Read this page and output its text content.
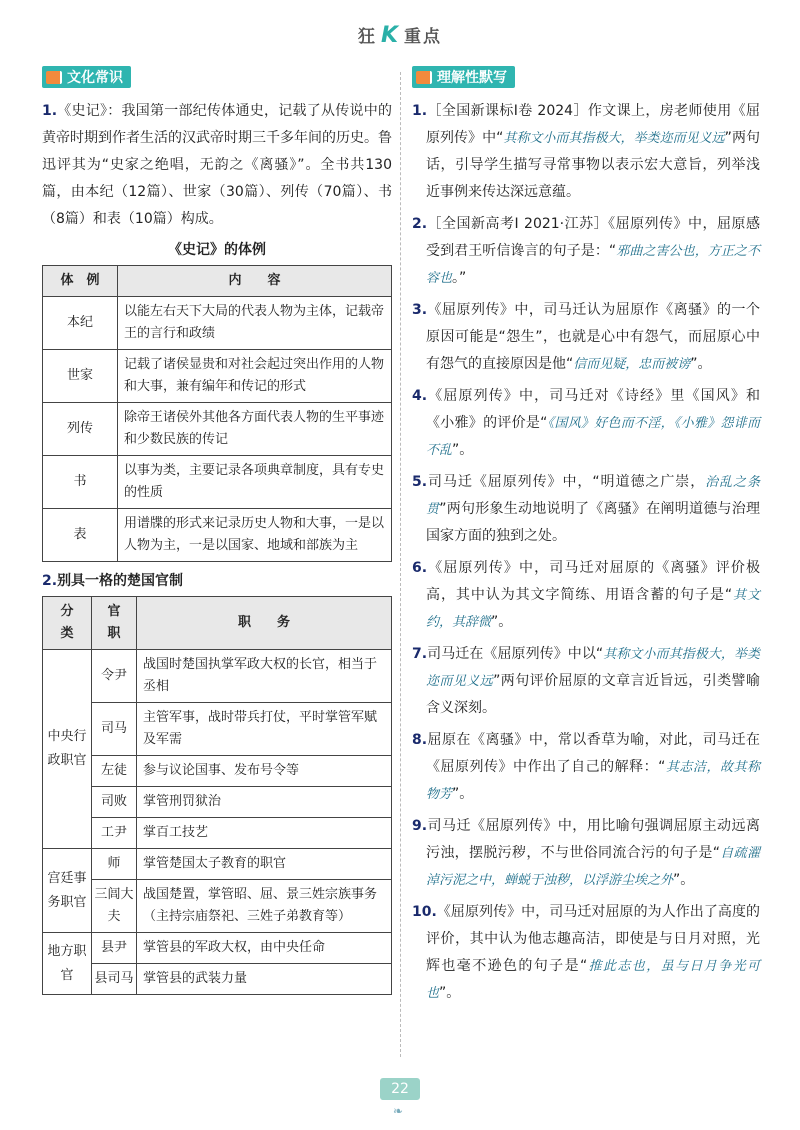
狂 K 重点
文化常识

1.《史记》：我国第一部纪传体通史，记载了从传说中的黄帝时期到作者生活的汉武帝时期三千多年间的历史。鲁迅评其为“史家之绝唱，无韵之《离骚》”。全书共130篇，由本纪（12篇）、世家（30篇）、列传（70篇）、书（8篇）和表（10篇）构成。

《史记》的体例
体　例	内　　容
本纪	以能左右天下大局的代表人物为主体，记载帝王的言行和政绩
世家	记载了诸侯显贵和对社会起过突出作用的人物和大事，兼有编年和传记的形式
列传	除帝王诸侯外其他各方面代表人物的生平事迹和少数民族的传记
书	以事为类，主要记录各项典章制度，具有专史的性质
表	用谱牒的形式来记录历史人物和大事，一是以人物为主，一是以国家、地域和部族为主
2.别具一格的楚国官制
分　类	官　职	职　　务
中央行政职官	令尹	战国时楚国执掌军政大权的长官，相当于丞相
	司马	主管军事，战时带兵打仗，平时掌管军赋及军需
	左徒	参与议论国事、发布号令等
	司败	掌管刑罚狱治
	工尹	掌百工技艺
宫廷事务职官	师	掌管楚国太子教育的职官
	三闾大夫	战国楚置，掌管昭、屈、景三姓宗族事务（主持宗庙祭祀、三姓子弟教育等）
地方职官	县尹	掌管县的军政大权，由中央任命
	县司马	掌管县的武装力量
理解性默写

1.［全国新课标Ⅰ卷 2024］作文课上，房老师使用《屈原列传》中“其称文小而其指极大，举类迩而见义远”两句话，引导学生描写寻常事物以表示宏大意旨，列举浅近事例来传达深远意蕴。

2.［全国新高考Ⅰ 2021·江苏］《屈原列传》中，屈原感受到君王听信谗言的句子是：“邪曲之害公也，方正之不容也。”

3.《屈原列传》中，司马迁认为屈原作《离骚》的一个原因可能是“怨生”，也就是心中有怨气，而屈原心中有怨气的直接原因是他“信而见疑，忠而被谤”。

4.《屈原列传》中，司马迁对《诗经》里《国风》和《小雅》的评价是“《国风》好色而不淫，《小雅》怨诽而不乱”。

5.司马迁《屈原列传》中，“明道德之广崇，治乱之条贯”两句形象生动地说明了《离骚》在阐明道德与治理国家方面的独到之处。

6.《屈原列传》中，司马迁对屈原的《离骚》评价极高，其中认为其文字简练、用语含蓄的句子是“其文约，其辞微”。

7.司马迁在《屈原列传》中以“其称文小而其指极大，举类迩而见义远”两句评价屈原的文章言近旨远，引类譬喻含义深刻。

8.屈原在《离骚》中，常以香草为喻，对此，司马迁在《屈原列传》中作出了自己的解释：“其志洁，故其称物芳”。

9.司马迁《屈原列传》中，用比喻句强调屈原主动远离污浊，摆脱污秽，不与世俗同流合污的句子是“自疏濯淖污泥之中，蝉蜕于浊秽，以浮游尘埃之外”。

10.《屈原列传》中，司马迁对屈原的为人作出了高度的评价，其中认为他志趣高洁，即使是与日月对照，光辉也毫不逊色的句子是“推此志也，虽与日月争光可也”。

22
❧
